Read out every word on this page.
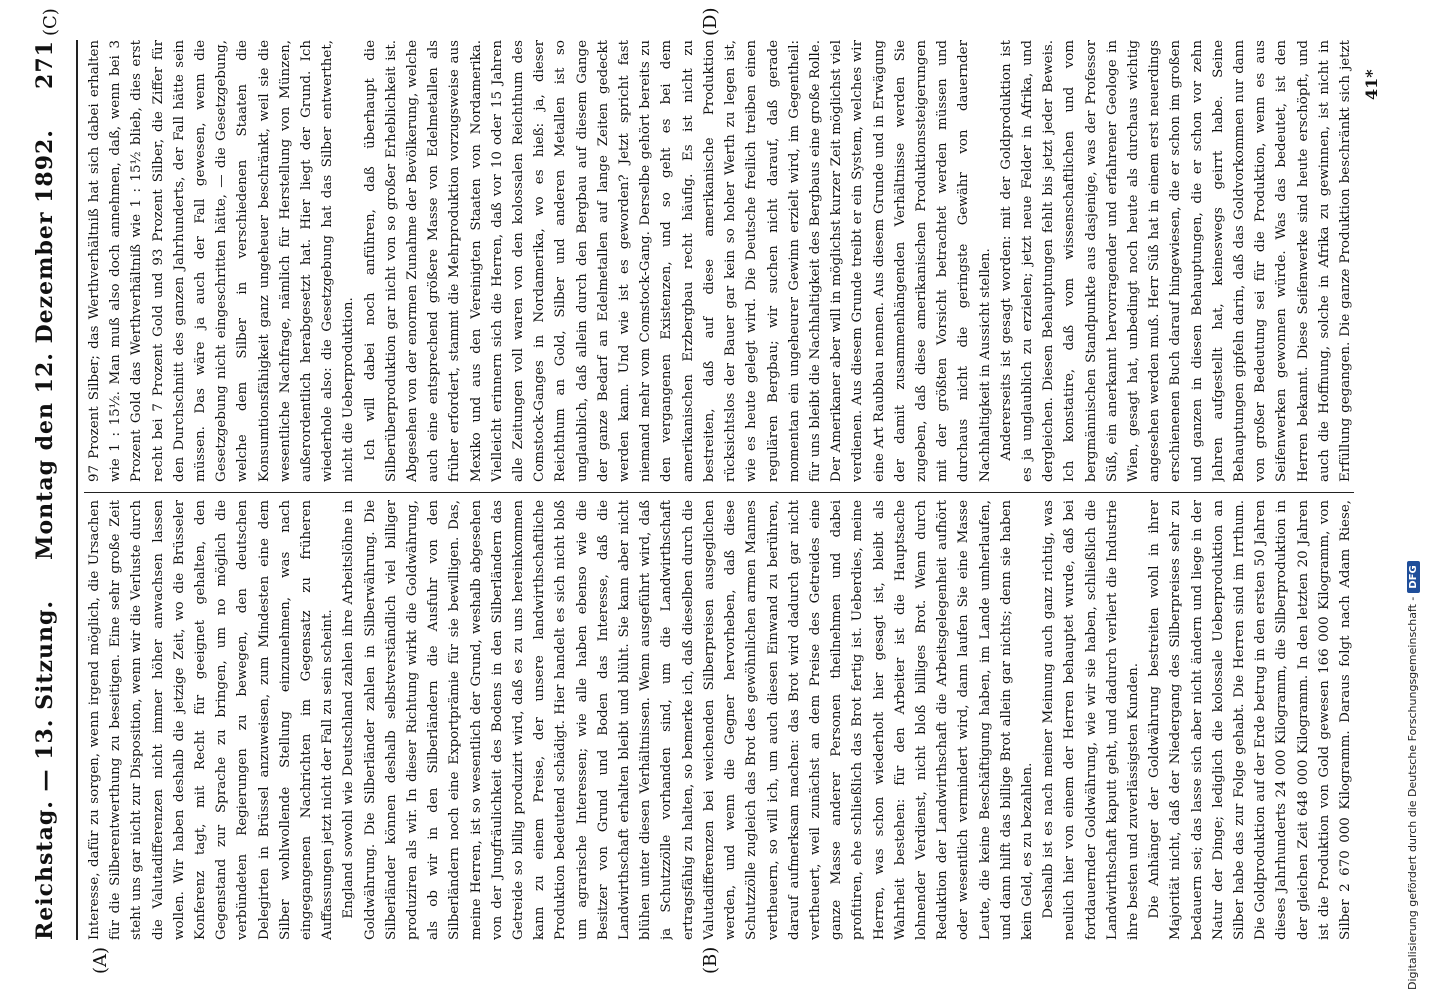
Reichstag. — 13. Sitzung.
Montag den 12. Dezember 1892.
271

Interesse, dafür zu sorgen, wenn irgend möglich, die Ursachen für die Silberentwerthung zu beseitigen. Eine sehr große Zeit steht uns gar nicht zur Disposition, wenn wir die Verluste durch die Valutadifferenzen nicht immer höher anwachsen lassen wollen. Wir haben deshalb die jetzige Zeit, wo die Brüsseler Konferenz tagt, mit Recht für geeignet gehalten, den Gegenstand zur Sprache zu bringen, um no möglich die verbündeten Regierungen zu bewegen, den deutschen Delegirten in Brüssel anzuweisen, zum Mindesten eine dem Silber wohlwollende Stellung einzunehmen, was nach eingegangenen Nachrichten im Gegensatz zu früheren Auffassungen jetzt nicht der Fall zu sein scheint. England sowohl wie Deutschland zahlen ihre Arbeitslöhne in Goldwährung. Die Silberländer zahlen in Silberwährung. Die Silberländer können deshalb selbstverständlich viel billiger produziren als wir. In dieser Richtung wirkt die Goldwährung, als ob wir in den Silberländern die Ausfuhr von den Silberländern noch eine Exportprämie für sie bewilligen. Das, meine Herren, ist so wesentlich der Grund, weshalb abgesehen von der Jungfräulichkeit des Bodens in den Silberländern das Getreide so billig produzirt wird, daß es zu uns hereinkommen kann zu einem Preise, der unsere landwirthschaftliche Produktion bedeutend schädigt. Hier handelt es sich nicht bloß um agrarische Interessen; wie alle haben ebenso wie die Besitzer von Grund und Boden das Interesse, daß die Landwirthschaft erhalten bleibt und blüht. Sie kann aber nicht blühen unter diesen Verhältnissen. Wenn ausgeführt wird, daß ja Schutzzölle vorhanden sind, um die Landwirthschaft ertragsfähig zu halten, so bemerke ich, daß dieselben durch die Valutadifferenzen bei weichenden Silberpreisen ausgeglichen werden, und wenn die Gegner hervorheben, daß diese Schutzzölle zugleich das Brot des gewöhnlichen armen Mannes vertheuern, so will ich, um auch diesen Einwand zu berühren, darauf aufmerksam machen: das Brot wird dadurch gar nicht vertheuert, weil zunächst an dem Preise des Getreides eine ganze Masse anderer Personen theilnehmen und dabei profitiren, ehe schließlich das Brot fertig ist. Ueberdies, meine Herren, was schon wiederholt hier gesagt ist, bleibt als Wahrheit bestehen: für den Arbeiter ist die Hauptsache lohnender Verdienst, nicht bloß billiges Brot. Wenn durch Reduktion der Landwirthschaft die Arbeitsgelegenheit aufhört oder wesentlich vermindert wird, dann laufen Sie eine Masse Leute, die keine Beschäftigung haben, im Lande umherlaufen, und dann hilft das billige Brot allein gar nichts; denn sie haben kein Geld, es zu bezahlen. Deshalb ist es nach meiner Meinung auch ganz richtig, was neulich hier von einem der Herren behauptet wurde, daß bei fortdauernder Goldwährung, wie wir sie haben, schließlich die Landwirthschaft kaputt geht, und dadurch verliert die Industrie ihre besten und zuverlässigsten Kunden. Die Anhänger der Goldwährung bestreiten wohl in ihrer Majorität nicht, daß der Niedergang des Silberpreises sehr zu bedauern sei; das lasse sich aber nicht ändern und liege in der Natur der Dinge; lediglich die kolossale Ueberproduktion an Silber habe das zur Folge gehabt. Die Herren sind im Irrthum. Die Goldproduktion auf der Erde betrug in den ersten 50 Jahren dieses Jahrhunderts 24 000 Kilogramm, die Silberproduktion in der gleichen Zeit 648 000 Kilogramm. In den letzten 20 Jahren ist die Produktion von Gold gewesen 166 000 Kilogramm, von Silber 2 670 000 Kilogramm. Daraus folgt nach Adam Riese,

97 Prozent Silber; das Werthverhältniß hat sich dabei erhalten wie 1 : 15½. Man muß also doch annehmen, daß, wenn bei 3 Prozent Gold das Werthverhältniß wie 1 : 15½ blieb, dies erst recht bei 7 Prozent Gold und 93 Prozent Silber, die Ziffer für den Durchschnitt des ganzen Jahrhunderts, der Fall hätte sein müssen. Das wäre ja auch der Fall gewesen, wenn die Gesetzgebung nicht eingeschritten hätte, — die Gesetzgebung, welche dem Silber in verschiedenen Staaten die Konsumtionsfähigkeit ganz ungeheuer beschränkt, weil sie die wesentliche Nachfrage, nämlich für Herstellung von Münzen, außerordentlich herabgesetzt hat. Hier liegt der Grund. Ich wiederhole also: die Gesetzgebung hat das Silber entwerthet, nicht die Ueberproduktion. Ich will dabei noch anführen, daß überhaupt die Silberüberproduktion gar nicht von so großer Erheblichkeit ist. Abgesehen von der enormen Zunahme der Bevölkerung, welche auch eine entsprechend größere Masse von Edelmetallen als früher erfordert, stammt die Mehrproduktion vorzugsweise aus Mexiko und aus den Vereinigten Staaten von Nordamerika. Vielleicht erinnern sich die Herren, daß vor 10 oder 15 Jahren alle Zeitungen voll waren von den kolossalen Reichthum des Comstock-Ganges in Nordamerika, wo es hieß: ja, dieser Reichthum an Gold, Silber und anderen Metallen ist so unglaublich, daß allein durch den Bergbau auf diesem Gange der ganze Bedarf an Edelmetallen auf lange Zeiten gedeckt werden kann. Und wie ist es geworden? Jetzt spricht fast niemand mehr vom Comstock-Gang. Derselbe gehört bereits zu den vergangenen Existenzen, und so geht es bei dem amerikanischen Erzbergbau recht häufig. Es ist nicht zu bestreiten, daß auf diese amerikanische Produktion rücksichtslos der Bauer gar kein so hoher Werth zu legen ist, wie es heute gelegt wird. Die Deutsche freilich treiben einen regulären Bergbau; wir suchen nicht darauf, daß gerade momentan ein ungeheurer Gewinn erzielt wird, im Gegentheil: für uns bleibt die Nachhaltigkeit des Bergbaus eine große Rolle. Der Amerikaner aber will in möglichst kurzer Zeit möglichst viel verdienen. Aus diesem Grunde treibt er ein System, welches wir eine Art Raubbau nennen. Aus diesem Grunde und in Erwägung der damit zusammenhängenden Verhältnisse werden Sie zugeben, daß diese amerikanischen Produktionssteigerungen mit der größten Vorsicht betrachtet werden müssen und durchaus nicht die geringste Gewähr von dauernder Nachhaltigkeit in Aussicht stellen. Andererseits ist gesagt worden: mit der Goldproduktion ist es ja unglaublich zu erzielen; jetzt neue Felder in Afrika, und dergleichen. Diesen Behauptungen fehlt bis jetzt jeder Beweis. Ich konstatire, daß vom wissenschaftlichen und vom bergmännischen Standpunkte aus dasjenige, was der Professor Süß, ein anerkannt hervorragender und erfahrener Geologe in Wien, gesagt hat, unbedingt noch heute als durchaus wichtig angesehen werden muß. Herr Süß hat in einem erst neuerdings erschienenen Buch darauf hingewiesen, die er schon im großen und ganzen in diesen Behauptungen, die er schon vor zehn Jahren aufgestellt hat, keineswegs geirrt habe. Seine Behauptungen gipfeln darin, daß das Goldvorkommen nur dann von großer Bedeutung sei für die Produktion, wenn es aus Seifenwerken gewonnen würde. Was das bedeutet, ist den Herren bekannt. Diese Seifenwerke sind heute erschöpft, und auch die Hoffnung, solche in Afrika zu gewinnen, ist nicht in Erfüllung gegangen. Die ganze Produktion beschränkt sich jetzt

(A)	(B)
(C)	(D)
41*
Digitalisierung gefördert durch die Deutsche Forschungsgemeinschaft -DFG
